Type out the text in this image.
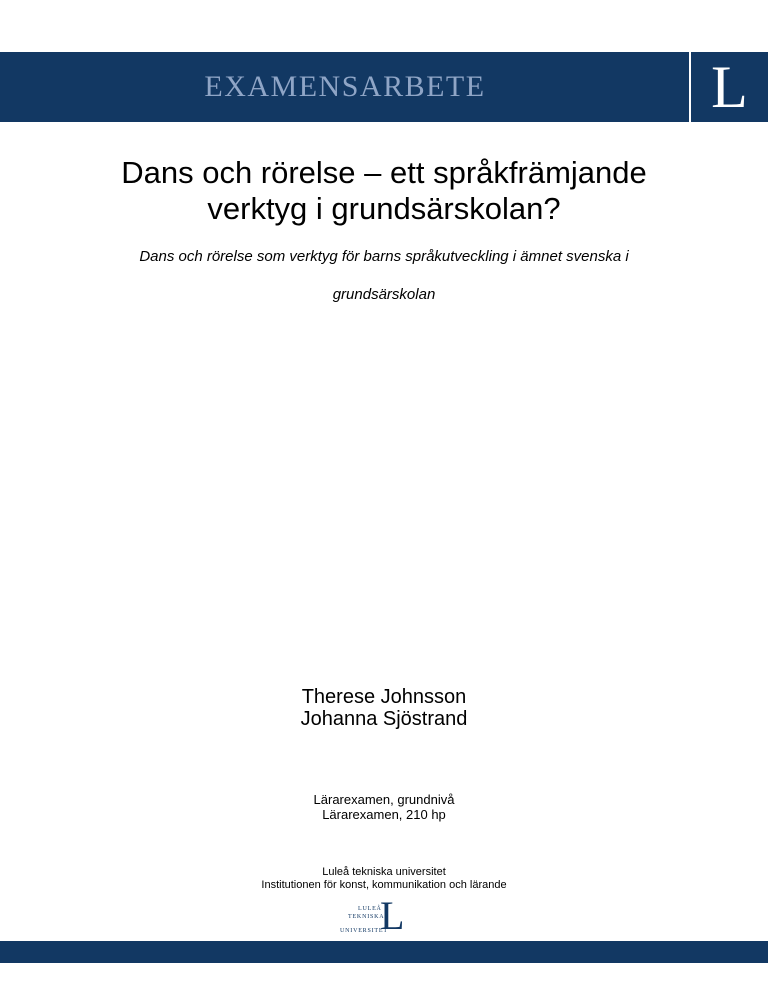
EXAMENSARBETE	L
Dans och rörelse – ett språkfrämjande
verktyg i grundsärskolan?
Dans och rörelse som verktyg för barns språkutveckling i ämnet svenska i
grundsärskolan
Therese Johnsson
Johanna Sjöstrand
Lärarexamen, grundnivå
Lärarexamen, 210 hp
Luleå tekniska universitet
Institutionen för konst, kommunikation och lärande
LULEÅ
TEKNISKA
UNIVERSITET
L
